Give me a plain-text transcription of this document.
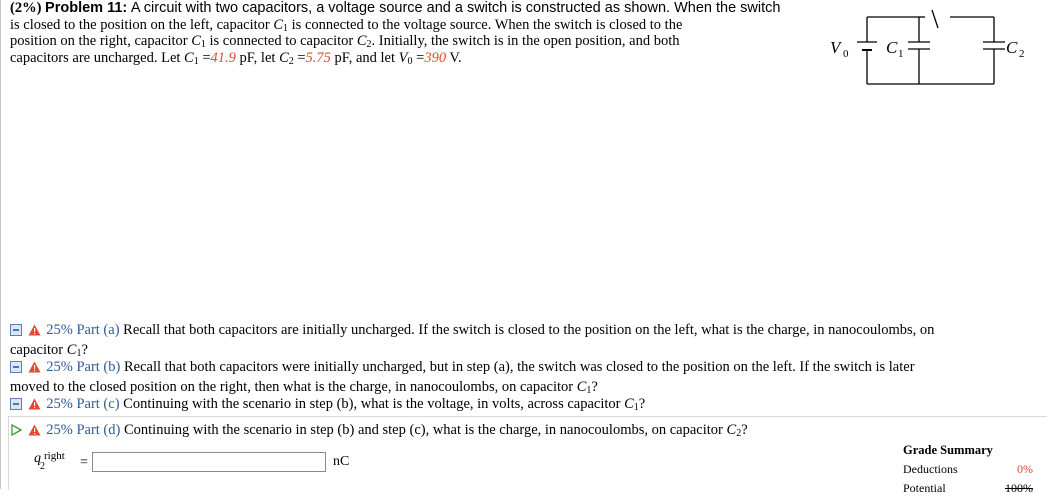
(2%) Problem 11: A circuit with two capacitors, a voltage source and a switch is constructed as shown. When the switch
is closed to the position on the left, capacitor $C_1$ is connected to the voltage source. When the switch is closed to the
position on the right, capacitor $C_1$ is connected to capacitor $C_2$. Initially, the switch is in the open position, and both
capacitors are uncharged. Let $C_1 =41.9$ pF, let $C_2 =5.75$ pF, and let $V_0 =390$ V.
V 0 C 1	C 2
25% Part (a) Recall that both capacitors are initially uncharged. If the switch is closed to the position on the left, what is the charge, in nanocoulombs, on
capacitor $C_1$?
25% Part (b) Recall that both capacitors were initially uncharged, but in step (a), the switch was closed to the position on the left. If the switch is later
moved to the closed position on the right, then what is the charge, in nanocoulombs, on capacitor $C_1$?
25% Part (c) Continuing with the scenario in step (b), what is the voltage, in volts, across capacitor $C_1$?
25% Part (d) Continuing with the scenario in step (b) and step (c), what is the charge, in nanocoulombs, on capacitor $C_2$?
q right
2	=	nC
Grade Summary
Deductions	0%
Potential	100%
